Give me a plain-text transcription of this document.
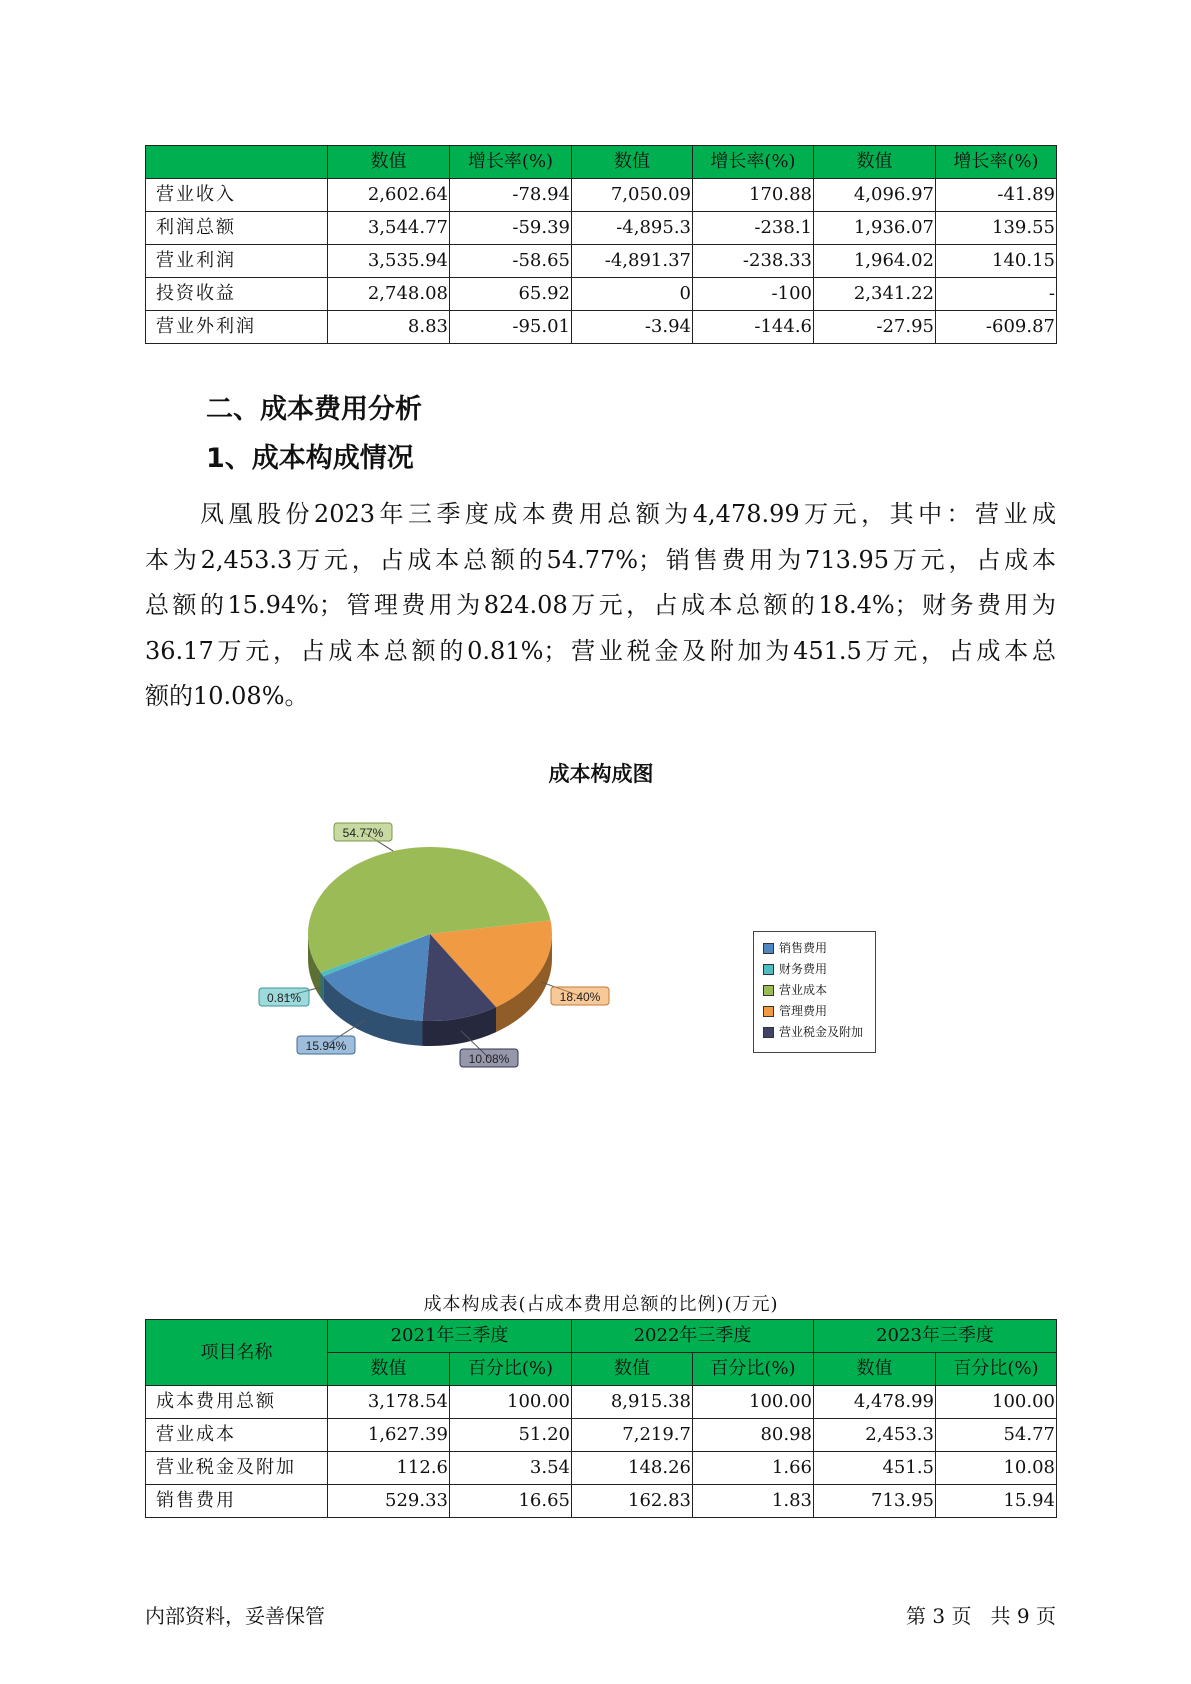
	数值	增长率(%)	数值	增长率(%)	数值	增长率(%)
营业收入	2,602.64	-78.94	7,050.09	170.88	4,096.97	-41.89
利润总额	3,544.77	-59.39	-4,895.3	-238.1	1,936.07	139.55
营业利润	3,535.94	-58.65	-4,891.37	-238.33	1,964.02	140.15
投资收益	2,748.08	65.92	0	-100	2,341.22	-
营业外利润	8.83	-95.01	-3.94	-144.6	-27.95	-609.87
二、成本费用分析
1、成本构成情况
凤凰股份2023年三季度成本费用总额为4,478.99万元，其中：营业成
本为2,453.3万元，占成本总额的54.77%；销售费用为713.95万元，占成本
总额的15.94%；管理费用为824.08万元，占成本总额的18.4%；财务费用为
36.17万元，占成本总额的0.81%；营业税金及附加为451.5万元，占成本总
额的10.08%。
成本构成图
18.40%
10.08%
15.94%
0.81%
54.77%
销售费用
财务费用
营业成本
管理费用
营业税金及附加
成本构成表(占成本费用总额的比例)(万元)
项目名称	2021年三季度		2022年三季度		2023年三季度	
	数值	百分比(%)	数值	百分比(%)	数值	百分比(%)
成本费用总额	3,178.54	100.00	8,915.38	100.00	4,478.99	100.00
营业成本	1,627.39	51.20	7,219.7	80.98	2,453.3	54.77
营业税金及附加	112.6	3.54	148.26	1.66	451.5	10.08
销售费用	529.33	16.65	162.83	1.83	713.95	15.94
内部资料，妥善保管	第 3 页   共 9 页
